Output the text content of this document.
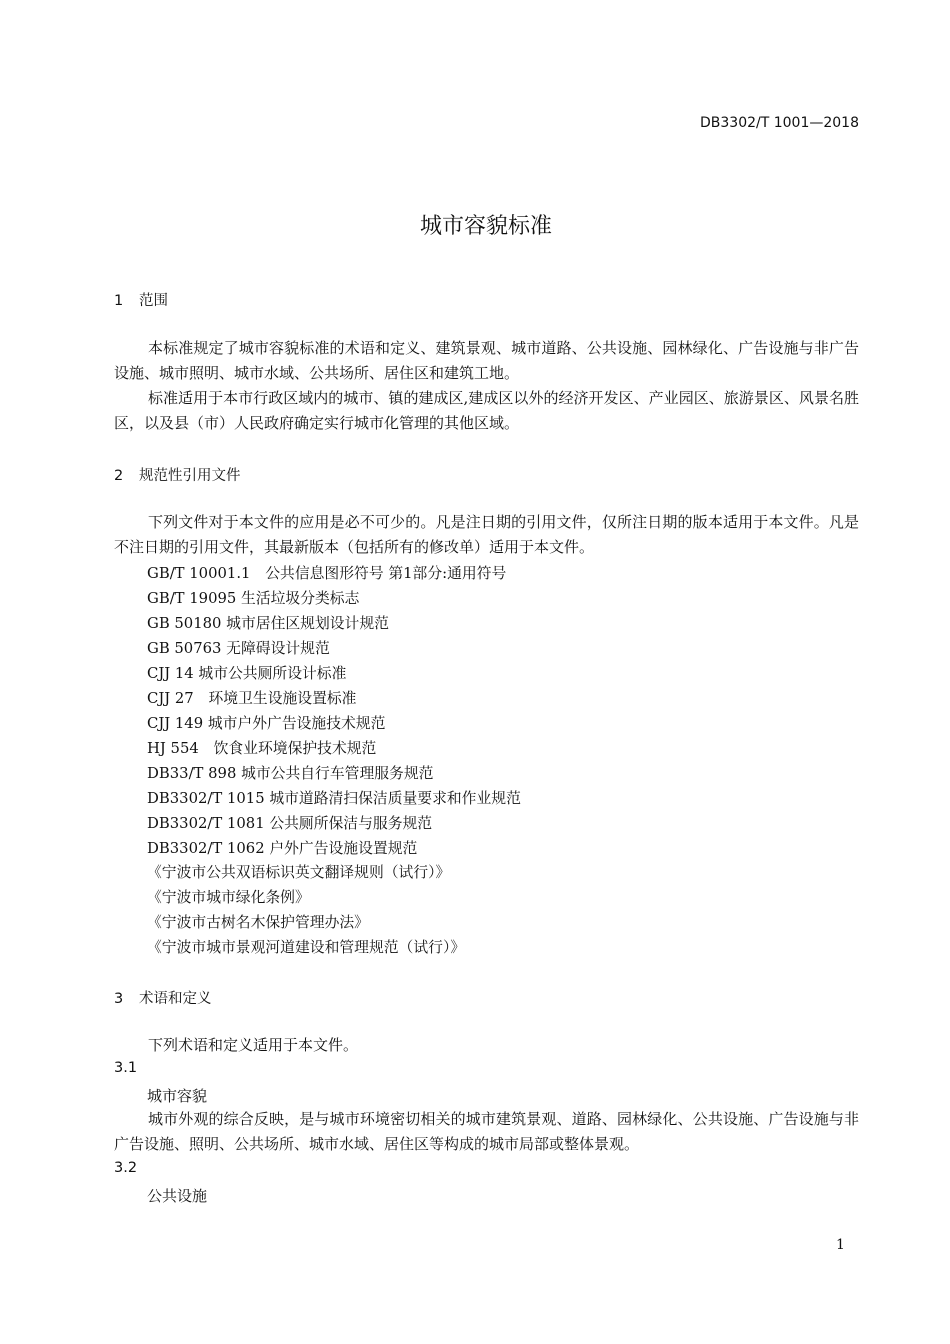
DB3302/T 1001—2018
城市容貌标准
1 范围
本标准规定了城市容貌标准的术语和定义、建筑景观、城市道路、公共设施、园林绿化、广告设施与非广告设施、城市照明、城市水域、公共场所、居住区和建筑工地。
标准适用于本市行政区域内的城市、镇的建成区,建成区以外的经济开发区、产业园区、旅游景区、风景名胜区，以及县（市）人民政府确定实行城市化管理的其他区域。
2 规范性引用文件
下列文件对于本文件的应用是必不可少的。凡是注日期的引用文件，仅所注日期的版本适用于本文件。凡是不注日期的引用文件，其最新版本（包括所有的修改单）适用于本文件。
GB/T 10001.1　公共信息图形符号 第1部分:通用符号
GB/T 19095 生活垃圾分类标志
GB 50180 城市居住区规划设计规范
GB 50763 无障碍设计规范
CJJ 14 城市公共厕所设计标准
CJJ 27　环境卫生设施设置标准
CJJ 149 城市户外广告设施技术规范
HJ 554　饮食业环境保护技术规范
DB33/T 898 城市公共自行车管理服务规范
DB3302/T 1015 城市道路清扫保洁质量要求和作业规范
DB3302/T 1081 公共厕所保洁与服务规范
DB3302/T 1062 户外广告设施设置规范
《宁波市公共双语标识英文翻译规则（试行）》
《宁波市城市绿化条例》
《宁波市古树名木保护管理办法》
《宁波市城市景观河道建设和管理规范（试行）》
3 术语和定义
下列术语和定义适用于本文件。
3.1
城市容貌
城市外观的综合反映，是与城市环境密切相关的城市建筑景观、道路、园林绿化、公共设施、广告设施与非广告设施、照明、公共场所、城市水域、居住区等构成的城市局部或整体景观。
3.2
公共设施
1
